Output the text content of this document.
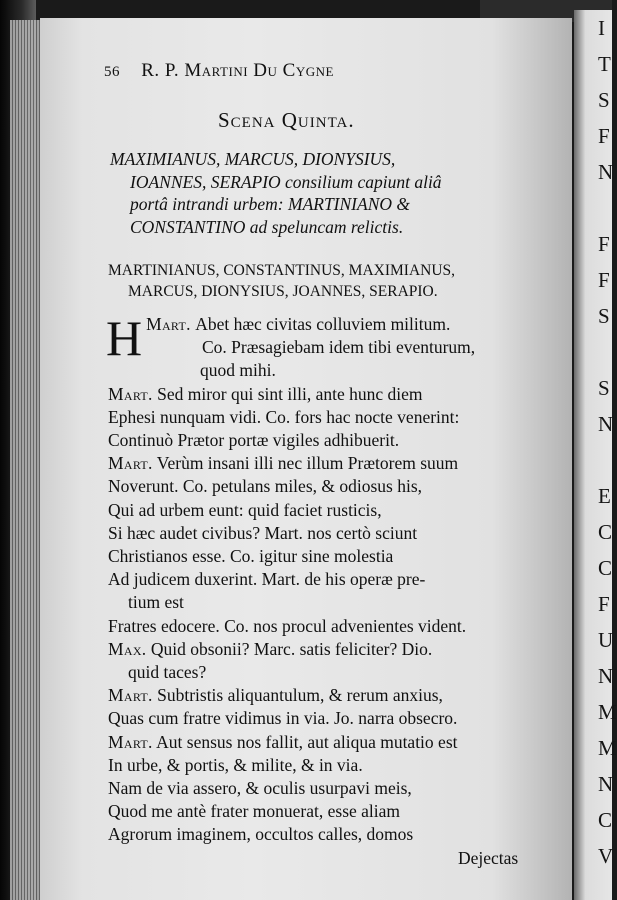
I
T
S
F
N
F
F
S
S
N
E
C
C
F
U
N
M
M
N
C
V
56 R. P. Martini Du Cygne
Scena Quinta.
MAXIMIANUS, MARCUS, DIONYSIUS,
IOANNES, SERAPIO consilium capiunt aliâ
portâ intrandi urbem: MARTINIANO &
CONSTANTINO ad speluncam relictis.
MARTINIANUS, CONSTANTINUS, MAXIMIANUS,
MARCUS, DIONYSIUS, JOANNES, SERAPIO.
Mart.
H	Abet hæc civitas colluviem militum.
Co. Præsagiebam idem tibi eventurum,
quod mihi.
Mart. Sed miror qui sint illi, ante hunc diem
Ephesi nunquam vidi. Co. fors hac nocte venerint:
Continuò Prætor portæ vigiles adhibuerit.
Mart. Verùm insani illi nec illum Prætorem suum
Noverunt. Co. petulans miles, & odiosus his,
Qui ad urbem eunt: quid faciet rusticis,
Si hæc audet civibus? Mart. nos certò sciunt
Christianos esse. Co. igitur sine molestia
Ad judicem duxerint. Mart. de his operæ pre-
tium est
Fratres edocere. Co. nos procul advenientes vident.
Max. Quid obsonii? Marc. satis feliciter? Dio.
quid taces?
Mart. Subtristis aliquantulum, & rerum anxius,
Quas cum fratre vidimus in via. Jo. narra obsecro.
Mart. Aut sensus nos fallit, aut aliqua mutatio est
In urbe, & portis, & milite, & in via.
Nam de via assero, & oculis usurpavi meis,
Quod me antè frater monuerat, esse aliam
Agrorum imaginem, occultos calles, domos
Dejectas
